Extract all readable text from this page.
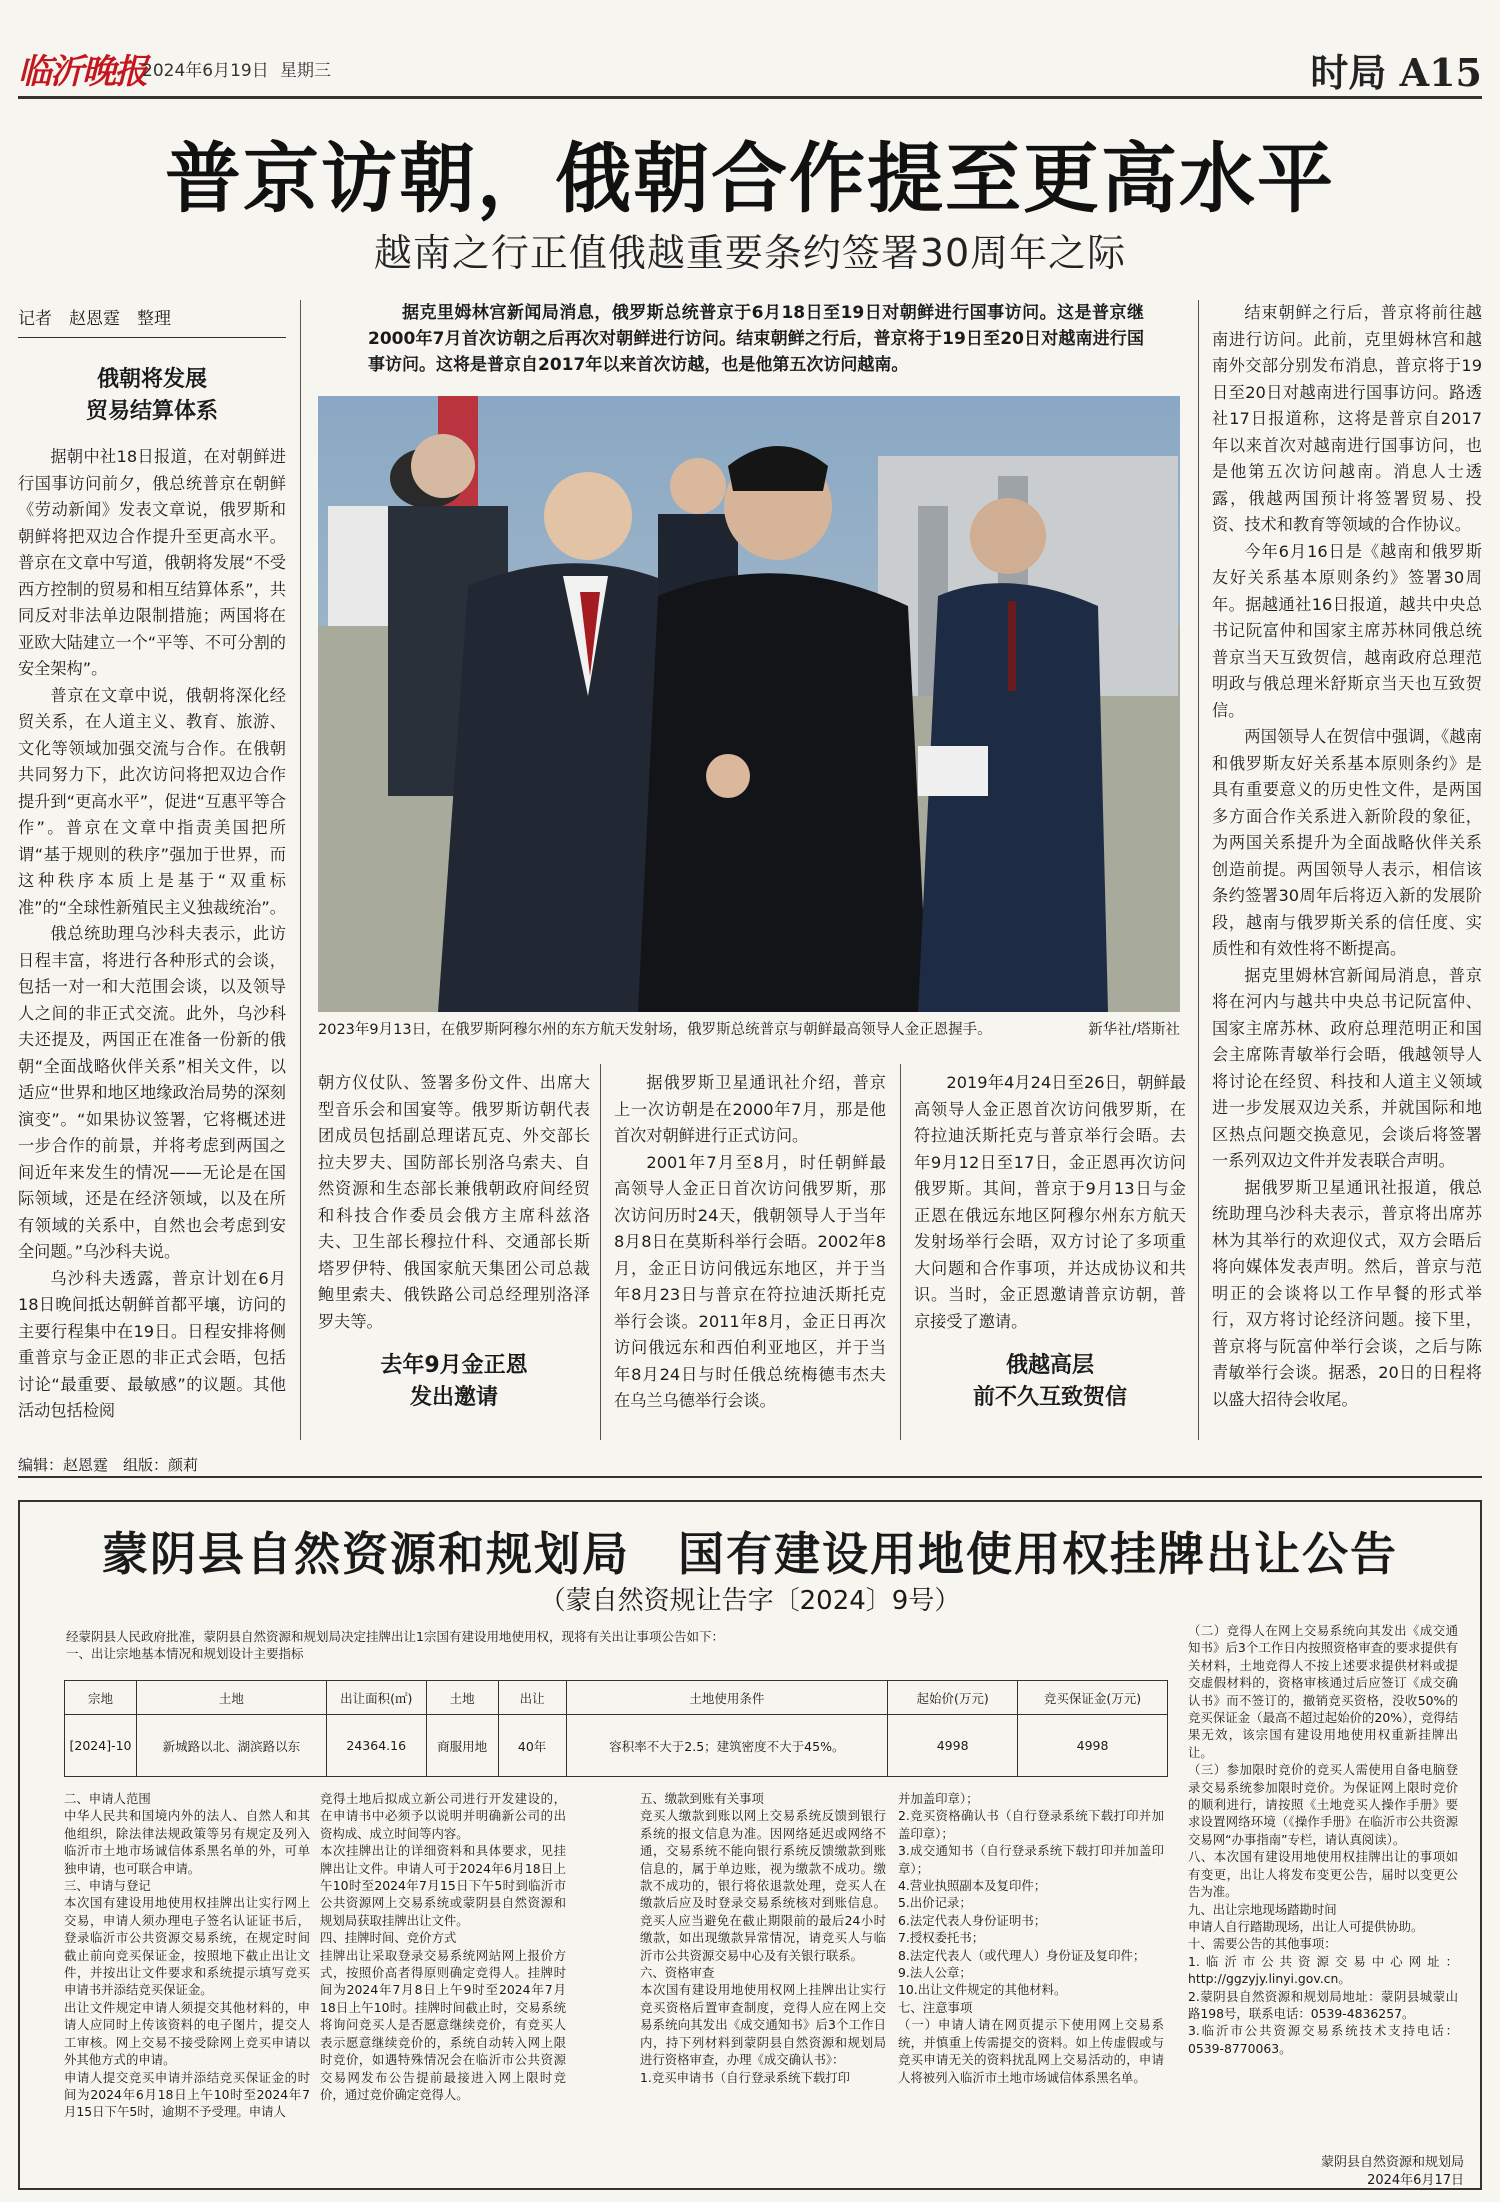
临沂晚报
2024年6月19日 星期三	时局 A15
普京访朝，俄朝合作提至更高水平
越南之行正值俄越重要条约签署30周年之际
记者　赵恩霆　整理
俄朝将发展
贸易结算体系

据朝中社18日报道，在对朝鲜进行国事访问前夕，俄总统普京在朝鲜《劳动新闻》发表文章说，俄罗斯和朝鲜将把双边合作提升至更高水平。普京在文章中写道，俄朝将发展“不受西方控制的贸易和相互结算体系”，共同反对非法单边限制措施；两国将在亚欧大陆建立一个“平等、不可分割的安全架构”。

普京在文章中说，俄朝将深化经贸关系，在人道主义、教育、旅游、文化等领域加强交流与合作。在俄朝共同努力下，此次访问将把双边合作提升到“更高水平”，促进“互惠平等合作”。普京在文章中指责美国把所谓“基于规则的秩序”强加于世界，而这种秩序本质上是基于“双重标准”的“全球性新殖民主义独裁统治”。

俄总统助理乌沙科夫表示，此访日程丰富，将进行各种形式的会谈，包括一对一和大范围会谈，以及领导人之间的非正式交流。此外，乌沙科夫还提及，两国正在准备一份新的俄朝“全面战略伙伴关系”相关文件，以适应“世界和地区地缘政治局势的深刻演变”。“如果协议签署，它将概述进一步合作的前景，并将考虑到两国之间近年来发生的情况——无论是在国际领域，还是在经济领域，以及在所有领域的关系中，自然也会考虑到安全问题。”乌沙科夫说。

乌沙科夫透露，普京计划在6月18日晚间抵达朝鲜首都平壤，访问的主要行程集中在19日。日程安排将侧重普京与金正恩的非正式会晤，包括讨论“最重要、最敏感”的议题。其他活动包括检阅

据克里姆林宫新闻局消息，俄罗斯总统普京于6月18日至19日对朝鲜进行国事访问。这是普京继2000年7月首次访朝之后再次对朝鲜进行访问。结束朝鲜之行后，普京将于19日至20日对越南进行国事访问。这将是普京自2017年以来首次访越，也是他第五次访问越南。
2023年9月13日，在俄罗斯阿穆尔州的东方航天发射场，俄罗斯总统普京与朝鲜最高领导人金正恩握手。	新华社/塔斯社

朝方仪仗队、签署多份文件、出席大型音乐会和国宴等。俄罗斯访朝代表团成员包括副总理诺瓦克、外交部长拉夫罗夫、国防部长别洛乌索夫、自然资源和生态部长兼俄朝政府间经贸和科技合作委员会俄方主席科兹洛夫、卫生部长穆拉什科、交通部长斯塔罗伊特、俄国家航天集团公司总裁鲍里索夫、俄铁路公司总经理别洛泽罗夫等。

去年9月金正恩
发出邀请

据俄罗斯卫星通讯社介绍，普京上一次访朝是在2000年7月，那是他首次对朝鲜进行正式访问。

2001年7月至8月，时任朝鲜最高领导人金正日首次访问俄罗斯，那次访问历时24天，俄朝领导人于当年8月8日在莫斯科举行会晤。2002年8月，金正日访问俄远东地区，并于当年8月23日与普京在符拉迪沃斯托克举行会谈。2011年8月，金正日再次访问俄远东和西伯利亚地区，并于当年8月24日与时任俄总统梅德韦杰夫在乌兰乌德举行会谈。

2019年4月24日至26日，朝鲜最高领导人金正恩首次访问俄罗斯，在符拉迪沃斯托克与普京举行会晤。去年9月12日至17日，金正恩再次访问俄罗斯。其间，普京于9月13日与金正恩在俄远东地区阿穆尔州东方航天发射场举行会晤，双方讨论了多项重大问题和合作事项，并达成协议和共识。当时，金正恩邀请普京访朝，普京接受了邀请。

俄越高层
前不久互致贺信

结束朝鲜之行后，普京将前往越南进行访问。此前，克里姆林宫和越南外交部分别发布消息，普京将于19日至20日对越南进行国事访问。路透社17日报道称，这将是普京自2017年以来首次对越南进行国事访问，也是他第五次访问越南。消息人士透露，俄越两国预计将签署贸易、投资、技术和教育等领域的合作协议。

今年6月16日是《越南和俄罗斯友好关系基本原则条约》签署30周年。据越通社16日报道，越共中央总书记阮富仲和国家主席苏林同俄总统普京当天互致贺信，越南政府总理范明政与俄总理米舒斯京当天也互致贺信。

两国领导人在贺信中强调，《越南和俄罗斯友好关系基本原则条约》是具有重要意义的历史性文件，是两国多方面合作关系进入新阶段的象征，为两国关系提升为全面战略伙伴关系创造前提。两国领导人表示，相信该条约签署30周年后将迈入新的发展阶段，越南与俄罗斯关系的信任度、实质性和有效性将不断提高。

据克里姆林宫新闻局消息，普京将在河内与越共中央总书记阮富仲、国家主席苏林、政府总理范明正和国会主席陈青敏举行会晤，俄越领导人将讨论在经贸、科技和人道主义领域进一步发展双边关系，并就国际和地区热点问题交换意见，会谈后将签署一系列双边文件并发表联合声明。

据俄罗斯卫星通讯社报道，俄总统助理乌沙科夫表示，普京将出席苏林为其举行的欢迎仪式，双方会晤后将向媒体发表声明。然后，普京与范明正的会谈将以工作早餐的形式举行，双方将讨论经济问题。接下里，普京将与阮富仲举行会谈，之后与陈青敏举行会谈。据悉，20日的日程将以盛大招待会收尾。

编辑：赵恩霆　组版：颜莉
蒙阴县自然资源和规划局　国有建设用地使用权挂牌出让公告
（蒙自然资规让告字〔2024〕9号）
经蒙阴县人民政府批准，蒙阴县自然资源和规划局决定挂牌出让1宗国有建设用地使用权，现将有关出让事项公告如下：
一、出让宗地基本情况和规划设计主要指标
宗地	土地	出让面积(㎡)	土地	出让	土地使用条件	起始价(万元)	竞买保证金(万元)
[2024]-10	新城路以北、湖滨路以东	24364.16	商服用地	40年	容积率不大于2.5；建筑密度不大于45%。	4998	4998
二、申请人范围
中华人民共和国境内外的法人、自然人和其他组织，除法律法规政策等另有规定及列入临沂市土地市场诚信体系黑名单的外，可单独申请，也可联合申请。
三、申请与登记
本次国有建设用地使用权挂牌出让实行网上交易，申请人须办理电子签名认证证书后，登录临沂市公共资源交易系统，在规定时间截止前向竞买保证金，按照地下截止出让文件，并按出让文件要求和系统提示填写竞买申请书并添结竞买保证金。
出让文件规定申请人须提交其他材料的，申请人应同时上传该资料的电子图片，提交人工审核。网上交易不接受除网上竞买申请以外其他方式的申请。
申请人提交竞买申请并添结竞买保证金的时间为2024年6月18日上午10时至2024年7月15日下午5时，逾期不予受理。申请人
竞得土地后拟成立新公司进行开发建设的，在申请书中必须予以说明并明确新公司的出资构成、成立时间等内容。
本次挂牌出让的详细资料和具体要求，见挂牌出让文件。申请人可于2024年6月18日上午10时至2024年7月15日下午5时到临沂市公共资源网上交易系统或蒙阴县自然资源和规划局获取挂牌出让文件。
四、挂牌时间、竞价方式
挂牌出让采取登录交易系统网站网上报价方式，按照价高者得原则确定竞得人。挂牌时间为2024年7月8日上午9时至2024年7月18日上午10时。挂牌时间截止时，交易系统将询问竞买人是否愿意继续竞价，有竞买人表示愿意继续竞价的，系统自动转入网上限时竞价，如遇特殊情况会在临沂市公共资源交易网发布公告提前最接进入网上限时竞价，通过竞价确定竞得人。
五、缴款到账有关事项
竞买人缴款到账以网上交易系统反馈到银行系统的报文信息为准。因网络延迟或网络不通，交易系统不能向银行系统反馈缴款到账信息的，属于单边账，视为缴款不成功。缴款不成功的，银行将依退款处理，竞买人在缴款后应及时登录交易系统核对到账信息。竞买人应当避免在截止期限前的最后24小时缴款，如出现缴款异常情况，请竞买人与临沂市公共资源交易中心及有关银行联系。
六、资格审查
本次国有建设用地使用权网上挂牌出让实行竞买资格后置审查制度，竞得人应在网上交易系统向其发出《成交通知书》后3个工作日内，持下列材料到蒙阴县自然资源和规划局进行资格审查，办理《成交确认书》：
1.竞买申请书（自行登录系统下载打印
并加盖印章）；
2.竞买资格确认书（自行登录系统下载打印并加盖印章）；
3.成交通知书（自行登录系统下载打印并加盖印章）；
4.营业执照副本及复印件；
5.出价记录；
6.法定代表人身份证明书；
7.授权委托书；
8.法定代表人（或代理人）身份证及复印件；
9.法人公章；
10.出让文件规定的其他材料。
七、注意事项
（一）申请人请在网页提示下使用网上交易系统，并慎重上传需提交的资料。如上传虚假或与竞买申请无关的资料扰乱网上交易活动的，申请人将被列入临沂市土地市场诚信体系黑名单。
（二）竞得人在网上交易系统向其发出《成交通知书》后3个工作日内按照资格审查的要求提供有关材料，土地竞得人不按上述要求提供材料或提交虚假材料的，资格审核通过后应签订《成交确认书》而不签订的，撤销竞买资格，没收50%的竞买保证金（最高不超过起始价的20%），竞得结果无效，该宗国有建设用地使用权重新挂牌出让。
（三）参加限时竞价的竞买人需使用自备电脑登录交易系统参加限时竞价。为保证网上限时竞价的顺利进行，请按照《土地竞买人操作手册》要求设置网络环境（《操作手册》在临沂市公共资源交易网“办事指南”专栏，请认真阅读）。
八、本次国有建设用地使用权挂牌出让的事项如有变更，出让人将发布变更公告，届时以变更公告为准。
九、出让宗地现场踏勘时间
申请人自行踏勘现场，出让人可提供协助。
十、需要公告的其他事项：
1.临沂市公共资源交易中心网址：http://ggzyjy.linyi.gov.cn。
2.蒙阴县自然资源和规划局地址：蒙阴县城蒙山路198号，联系电话：0539-4836257。
3.临沂市公共资源交易系统技术支持电话：0539-8770063。
蒙阴县自然资源和规划局
2024年6月17日
